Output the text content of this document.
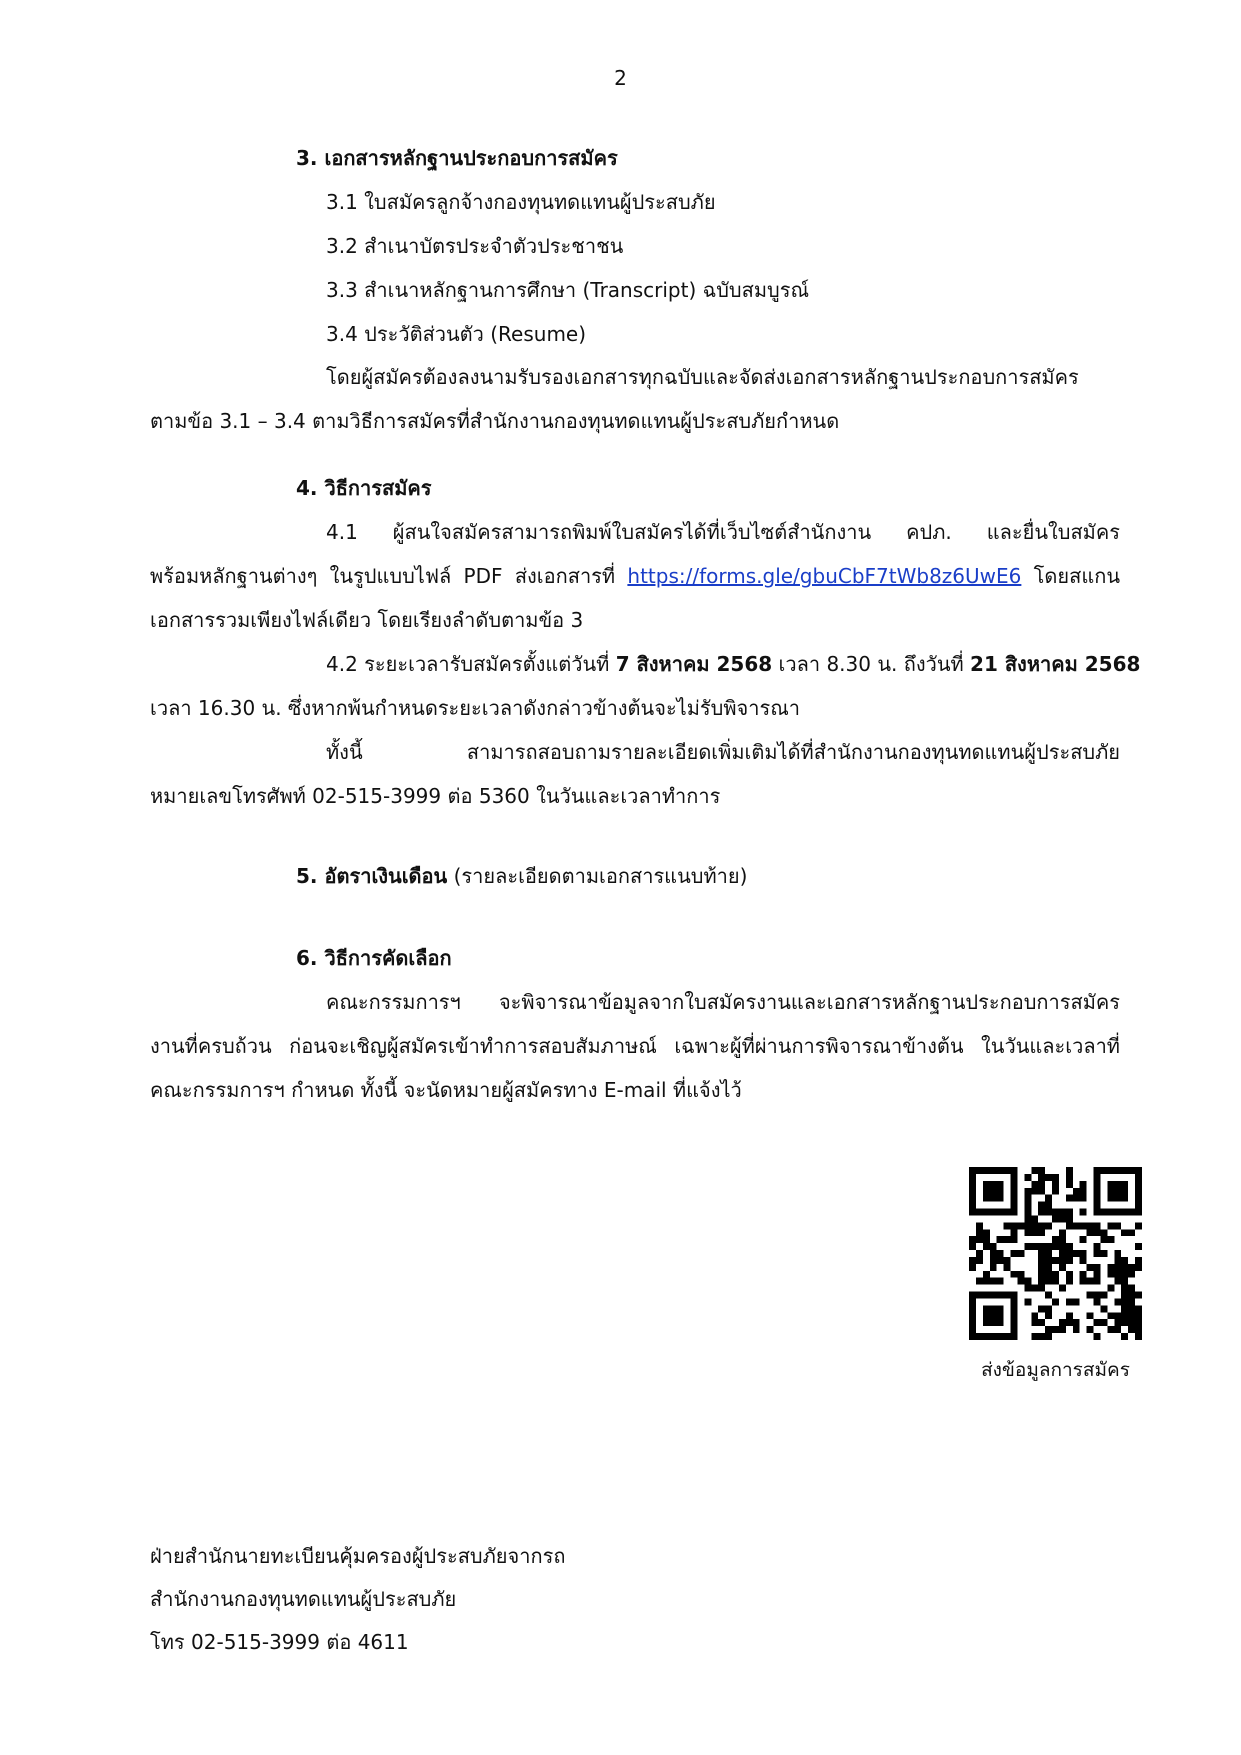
2
3. เอกสารหลักฐานประกอบการสมัคร
3.1 ใบสมัครลูกจ้างกองทุนทดแทนผู้ประสบภัย
3.2 สำเนาบัตรประจำตัวประชาชน
3.3 สำเนาหลักฐานการศึกษา (Transcript) ฉบับสมบูรณ์
3.4 ประวัติส่วนตัว (Resume)
โดยผู้สมัครต้องลงนามรับรองเอกสารทุกฉบับและจัดส่งเอกสารหลักฐานประกอบการสมัคร
ตามข้อ 3.1 – 3.4 ตามวิธีการสมัครที่สำนักงานกองทุนทดแทนผู้ประสบภัยกำหนด
4. วิธีการสมัคร
4.1 ผู้สนใจสมัครสามารถพิมพ์ใบสมัครได้ที่เว็บไซต์สำนักงาน คปภ. และยื่นใบสมัคร
พร้อมหลักฐานต่างๆ ในรูปแบบไฟล์ PDF ส่งเอกสารที่ https://forms.gle/gbuCbF7tWb8z6UwE6 โดยสแกน
เอกสารรวมเพียงไฟล์เดียว โดยเรียงลำดับตามข้อ 3
4.2 ระยะเวลารับสมัครตั้งแต่วันที่ 7 สิงหาคม 2568 เวลา 8.30 น. ถึงวันที่ 21 สิงหาคม 2568
เวลา 16.30 น. ซึ่งหากพ้นกำหนดระยะเวลาดังกล่าวข้างต้นจะไม่รับพิจารณา
ทั้งนี้ สามารถสอบถามรายละเอียดเพิ่มเติมได้ที่สำนักงานกองทุนทดแทนผู้ประสบภัย
หมายเลขโทรศัพท์ 02-515-3999 ต่อ 5360 ในวันและเวลาทำการ
5. อัตราเงินเดือน (รายละเอียดตามเอกสารแนบท้าย)
6. วิธีการคัดเลือก
คณะกรรมการฯ จะพิจารณาข้อมูลจากใบสมัครงานและเอกสารหลักฐานประกอบการสมัคร
งานที่ครบถ้วน ก่อนจะเชิญผู้สมัครเข้าทำการสอบสัมภาษณ์ เฉพาะผู้ที่ผ่านการพิจารณาข้างต้น ในวันและเวลาที่
คณะกรรมการฯ กำหนด ทั้งนี้ จะนัดหมายผู้สมัครทาง E-mail ที่แจ้งไว้
ส่งข้อมูลการสมัคร
ฝ่ายสำนักนายทะเบียนคุ้มครองผู้ประสบภัยจากรถ
สำนักงานกองทุนทดแทนผู้ประสบภัย
โทร 02-515-3999 ต่อ 4611
